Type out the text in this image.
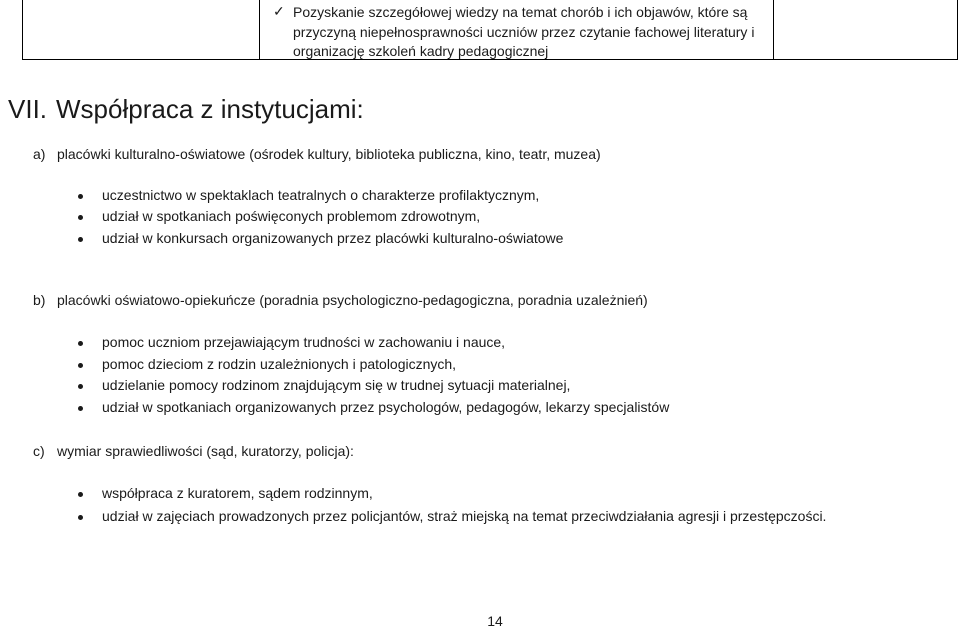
✓ Pozyskanie szczegółowej wiedzy na temat chorób i ich objawów, które są przyczyną niepełnosprawności uczniów przez czytanie fachowej literatury i organizację szkoleń kadry pedagogicznej
VII. Współpraca z instytucjami:
a) placówki kulturalno-oświatowe (ośrodek kultury, biblioteka publiczna, kino, teatr, muzea)
uczestnictwo w spektaklach teatralnych o charakterze profilaktycznym,
udział w spotkaniach poświęconych problemom zdrowotnym,
udział w konkursach organizowanych przez placówki kulturalno-oświatowe
b) placówki oświatowo-opiekuńcze (poradnia psychologiczno-pedagogiczna, poradnia uzależnień)
pomoc uczniom przejawiającym trudności w zachowaniu i nauce,
pomoc dzieciom z rodzin uzależnionych i patologicznych,
udzielanie pomocy rodzinom znajdującym się w trudnej sytuacji materialnej,
udział w spotkaniach organizowanych przez psychologów, pedagogów, lekarzy specjalistów
c) wymiar sprawiedliwości (sąd, kuratorzy, policja):
współpraca z kuratorem, sądem rodzinnym,
udział w zajęciach prowadzonych przez policjantów, straż miejską na temat przeciwdziałania agresji i przestępczości.
14
